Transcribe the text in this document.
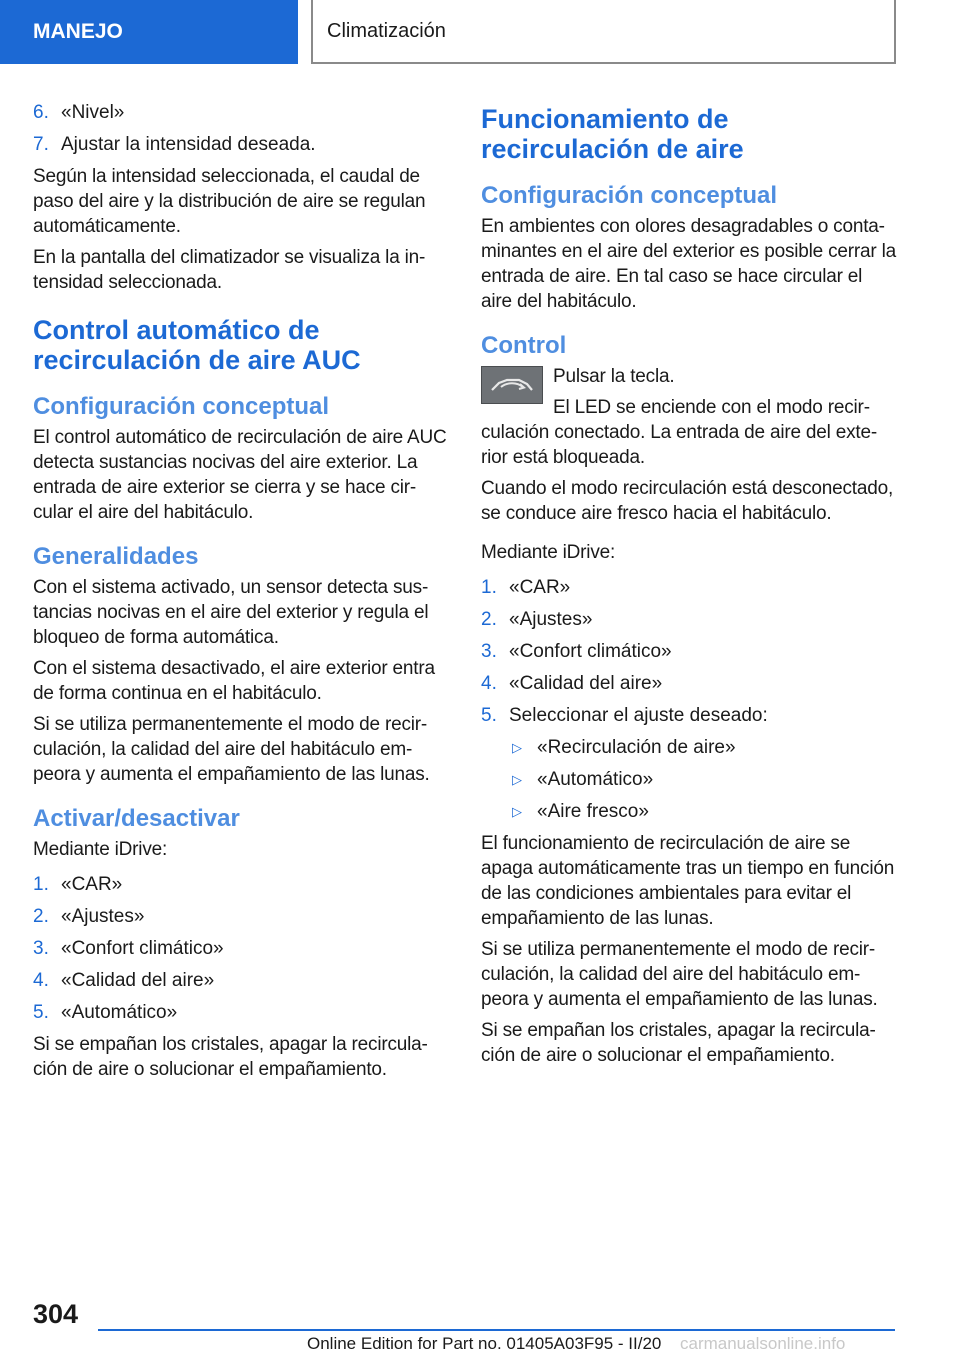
MANEJO	Climatización
6. «Nivel»
7. Ajustar la intensidad deseada.

Según la intensidad seleccionada, el caudal de paso del aire y la distribución de aire se regulan automáticamente.

En la pantalla del climatizador se visualiza la intensidad seleccionada.

Control automático de recirculación de aire AUC
Configuración conceptual

El control automático de recirculación de aire AUC detecta sustancias nocivas del aire exterior. La entrada de aire exterior se cierra y se hace circular el aire del habitáculo.

Generalidades

Con el sistema activado, un sensor detecta sustancias nocivas en el aire del exterior y regula el bloqueo de forma automática.

Con el sistema desactivado, el aire exterior entra de forma continua en el habitáculo.

Si se utiliza permanentemente el modo de recirculación, la calidad del aire del habitáculo empeora y aumenta el empañamiento de las lunas.

Activar/desactivar

Mediante iDrive:

1. «CAR»
2. «Ajustes»
3. «Confort climático»
4. «Calidad del aire»
5. «Automático»

Si se empañan los cristales, apagar la recirculación de aire o solucionar el empañamiento.

Funcionamiento de recirculación de aire
Configuración conceptual

En ambientes con olores desagradables o contaminantes en el aire del exterior es posible cerrar la entrada de aire. En tal caso se hace circular el aire del habitáculo.

Control

Pulsar la tecla.

El LED se enciende con el modo recirculación conectado. La entrada de aire del exterior está bloqueada.

Cuando el modo recirculación está desconectado, se conduce aire fresco hacia el habitáculo.

Mediante iDrive:

1. «CAR»
2. «Ajustes»
3. «Confort climático»
4. «Calidad del aire»
5. Seleccionar el ajuste deseado:
▷ «Recirculación de aire»
▷ «Automático»
▷ «Aire fresco»

El funcionamiento de recirculación de aire se apaga automáticamente tras un tiempo en función de las condiciones ambientales para evitar el empañamiento de las lunas.

Si se utiliza permanentemente el modo de recirculación, la calidad del aire del habitáculo empeora y aumenta el empañamiento de las lunas.

Si se empañan los cristales, apagar la recirculación de aire o solucionar el empañamiento.

304
Online Edition for Part no. 01405A03F95 - II/20 carmanualsonline.info
